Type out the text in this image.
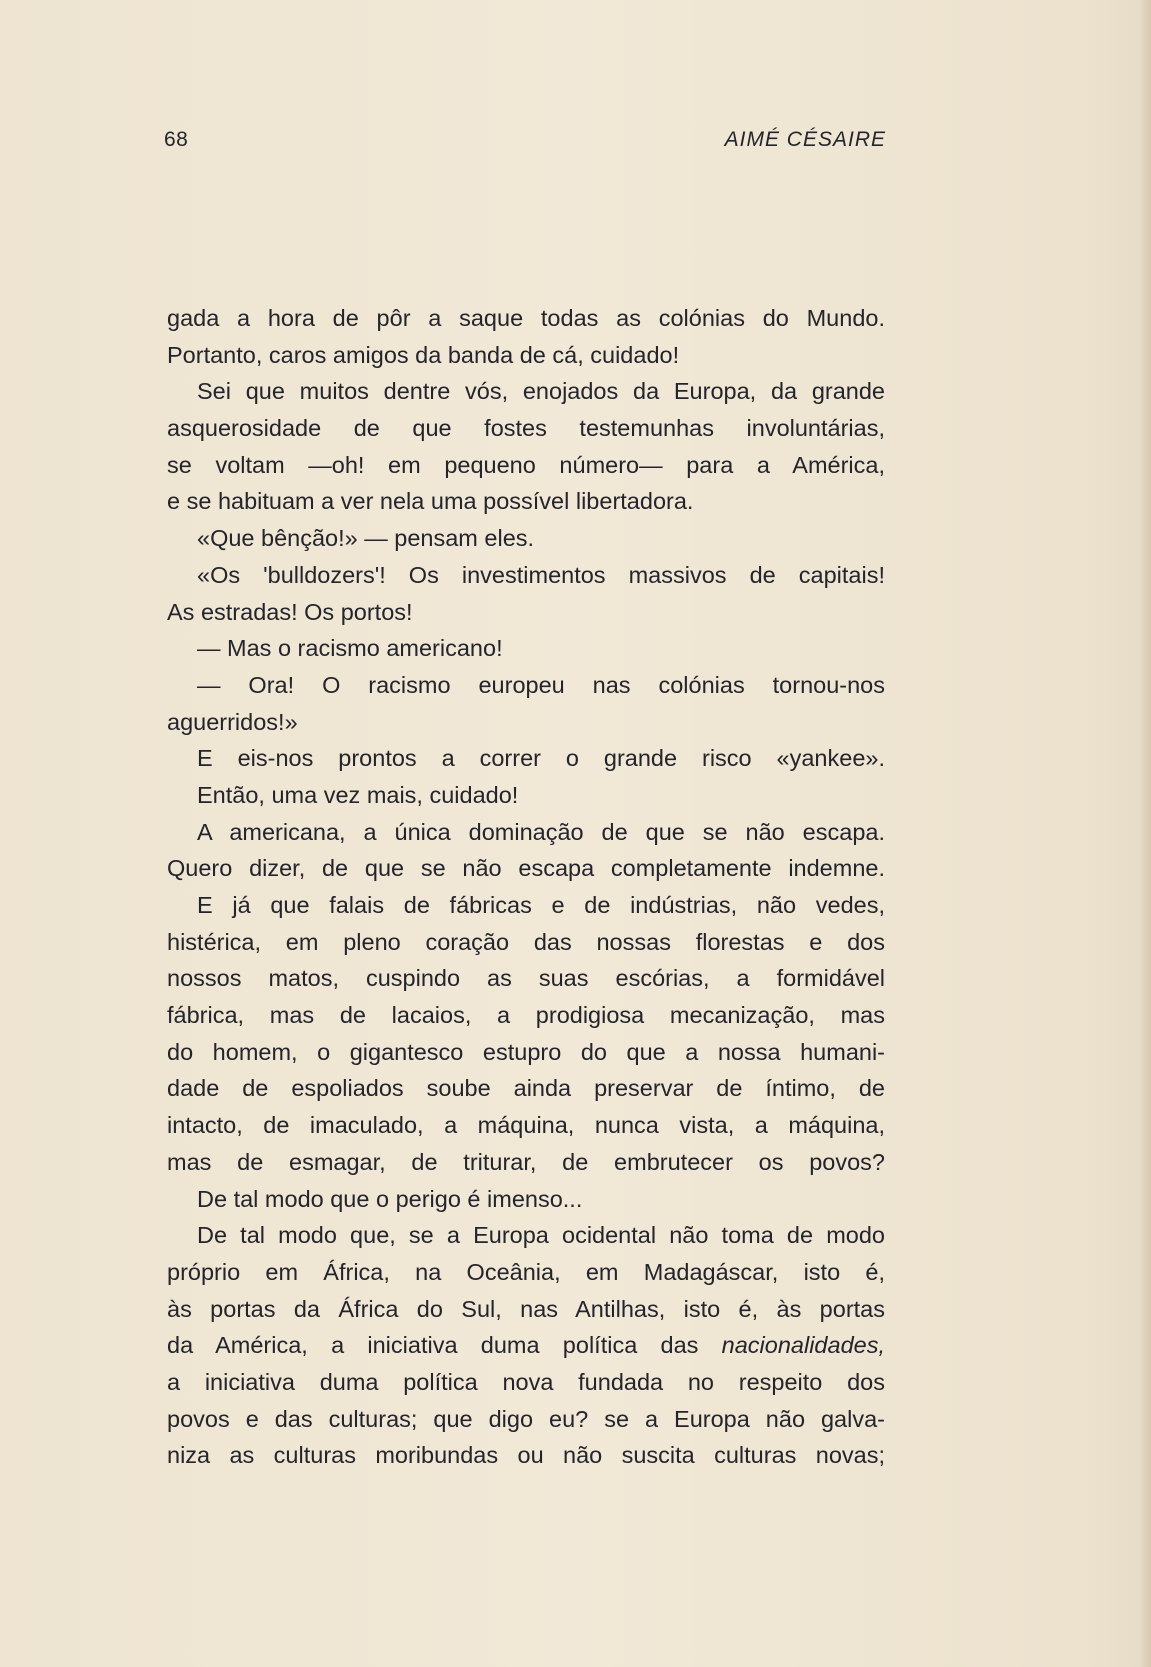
68	AIMÉ CÉSAIRE
gada a hora de pôr a saque todas as colónias do Mundo.
Portanto, caros amigos da banda de cá, cuidado!
Sei que muitos dentre vós, enojados da Europa, da grande
asquerosidade de que fostes testemunhas involuntárias,
se voltam —oh! em pequeno número— para a América,
e se habituam a ver nela uma possível libertadora.
«Que bênção!» — pensam eles.
«Os 'bulldozers'! Os investimentos massivos de capitais!
As estradas! Os portos!
— Mas o racismo americano!
— Ora! O racismo europeu nas colónias tornou-nos
aguerridos!»
E eis-nos prontos a correr o grande risco «yankee».
Então, uma vez mais, cuidado!
A americana, a única dominação de que se não escapa.
Quero dizer, de que se não escapa completamente indemne.
E já que falais de fábricas e de indústrias, não vedes,
histérica, em pleno coração das nossas florestas e dos
nossos matos, cuspindo as suas escórias, a formidável
fábrica, mas de lacaios, a prodigiosa mecanização, mas
do homem, o gigantesco estupro do que a nossa humani-
dade de espoliados soube ainda preservar de íntimo, de
intacto, de imaculado, a máquina, nunca vista, a máquina,
mas de esmagar, de triturar, de embrutecer os povos?
De tal modo que o perigo é imenso...
De tal modo que, se a Europa ocidental não toma de modo
próprio em África, na Oceânia, em Madagáscar, isto é,
às portas da África do Sul, nas Antilhas, isto é, às portas
da América, a iniciativa duma política das nacionalidades,
a iniciativa duma política nova fundada no respeito dos
povos e das culturas; que digo eu? se a Europa não galva-
niza as culturas moribundas ou não suscita culturas novas;
